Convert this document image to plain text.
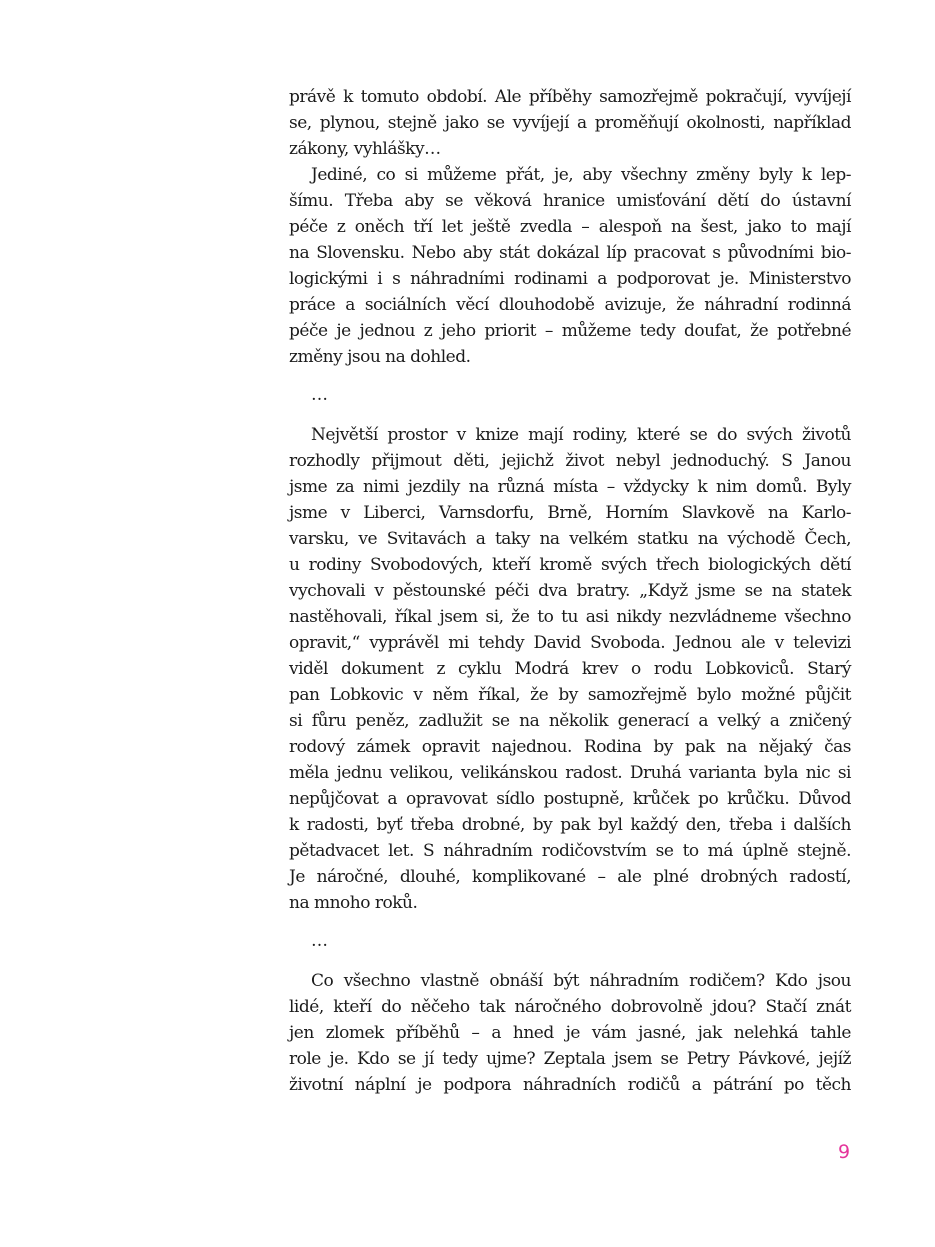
právě k tomuto období. Ale příběhy samozřejmě pokračují, vyvíjejí
se, plynou, stejně jako se vyvíjejí a proměňují okolnosti, například
zákony, vyhlášky…
Jediné, co si můžeme přát, je, aby všechny změny byly k lep-
šímu. Třeba aby se věková hranice umisťování dětí do ústavní
péče z oněch tří let ještě zvedla – alespoň na šest, jako to mají
na Slovensku. Nebo aby stát dokázal líp pracovat s původními bio-
logickými i s náhradními rodinami a podporovat je. Ministerstvo
práce a sociálních věcí dlouhodobě avizuje, že náhradní rodinná
péče je jednou z jeho priorit – můžeme tedy doufat, že potřebné
změny jsou na dohled.
…
Největší prostor v knize mají rodiny, které se do svých životů
rozhodly přijmout děti, jejichž život nebyl jednoduchý. S Janou
jsme za nimi jezdily na různá místa – vždycky k nim domů. Byly
jsme v Liberci, Varnsdorfu, Brně, Horním Slavkově na Karlo-
varsku, ve Svitavách a taky na velkém statku na východě Čech,
u rodiny Svobodových, kteří kromě svých třech biologických dětí
vychovali v pěstounské péči dva bratry. „Když jsme se na statek
nastěhovali, říkal jsem si, že to tu asi nikdy nezvládneme všechno
opravit,“ vyprávěl mi tehdy David Svoboda. Jednou ale v televizi
viděl dokument z cyklu Modrá krev o rodu Lobkoviců. Starý
pan Lobkovic v něm říkal, že by samozřejmě bylo možné půjčit
si fůru peněz, zadlužit se na několik generací a velký a zničený
rodový zámek opravit najednou. Rodina by pak na nějaký čas
měla jednu velikou, velikánskou radost. Druhá varianta byla nic si
nepůjčovat a opravovat sídlo postupně, krůček po krůčku. Důvod
k radosti, byť třeba drobné, by pak byl každý den, třeba i dalších
pětadvacet let. S náhradním rodičovstvím se to má úplně stejně.
Je náročné, dlouhé, komplikované – ale plné drobných radostí,
na mnoho roků.
…
Co všechno vlastně obnáší být náhradním rodičem? Kdo jsou
lidé, kteří do něčeho tak náročného dobrovolně jdou? Stačí znát
jen zlomek příběhů – a hned je vám jasné, jak nelehká tahle
role je. Kdo se jí tedy ujme? Zeptala jsem se Petry Pávkové, jejíž
životní náplní je podpora náhradních rodičů a pátrání po těch
9
